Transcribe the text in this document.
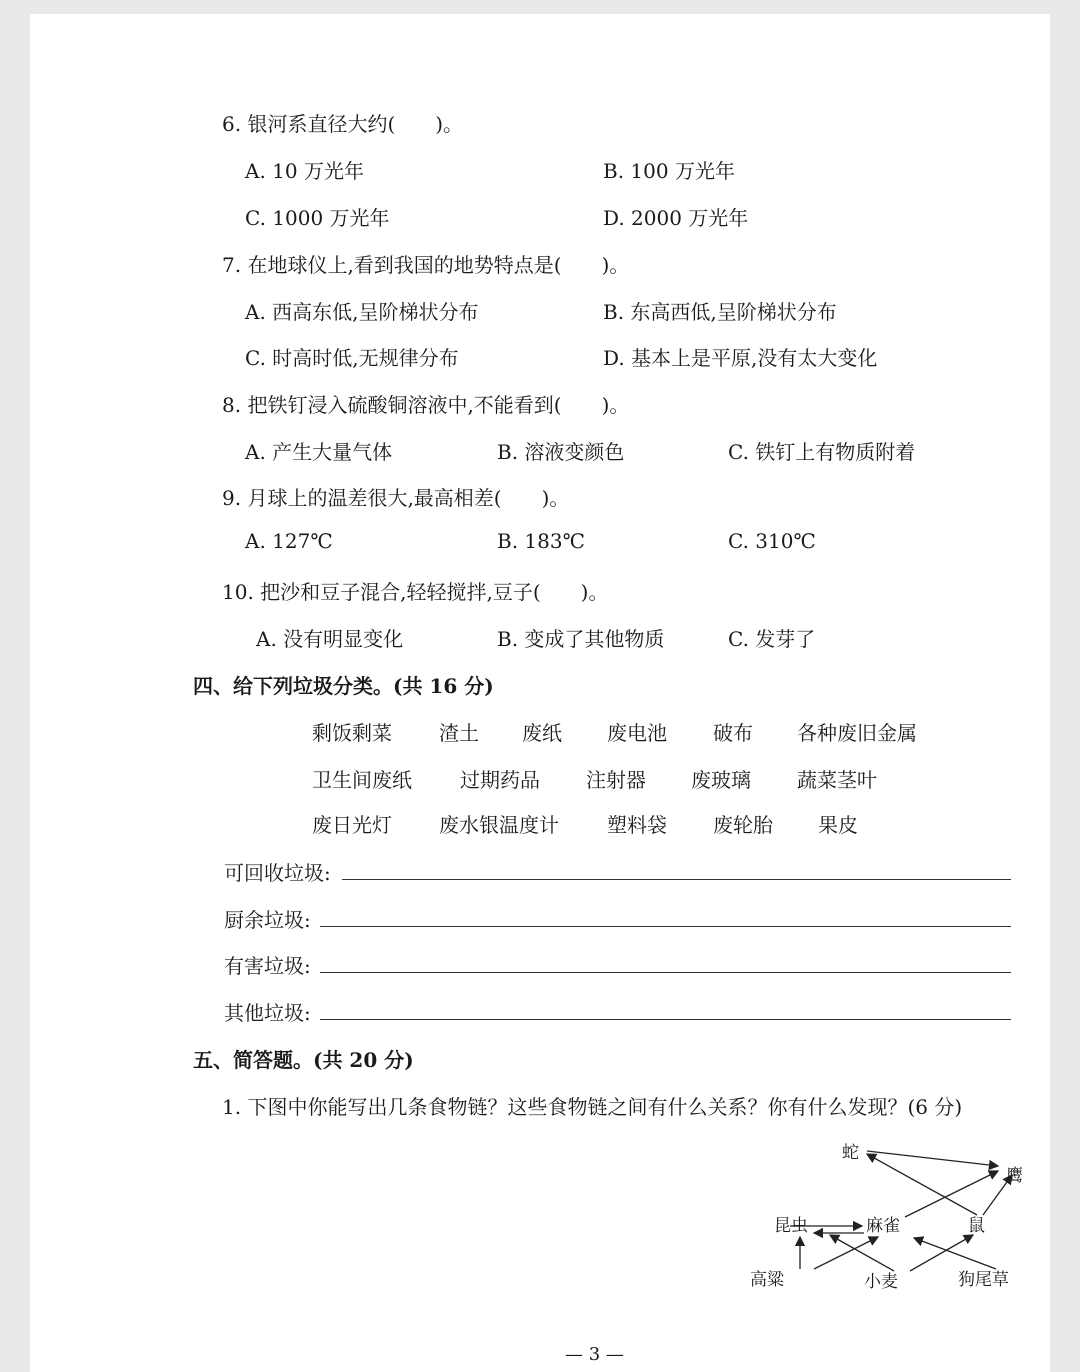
6. 银河系直径大约(　　)。
A. 10 万光年	B. 100 万光年
C. 1000 万光年	D. 2000 万光年
7. 在地球仪上,看到我国的地势特点是(　　)。
A. 西高东低,呈阶梯状分布	B. 东高西低,呈阶梯状分布
C. 时高时低,无规律分布	D. 基本上是平原,没有太大变化
8. 把铁钉浸入硫酸铜溶液中,不能看到(　　)。
A. 产生大量气体	B. 溶液变颜色	C. 铁钉上有物质附着
9. 月球上的温差很大,最高相差(　　)。
A. 127℃	B. 183℃	C. 310℃
10. 把沙和豆子混合,轻轻搅拌,豆子(　　)。
A. 没有明显变化	B. 变成了其他物质	C. 发芽了
四、给下列垃圾分类。(共 16 分)
剩饭剩菜 渣土 废纸 废电池 破布 各种废旧金属
卫生间废纸 过期药品 注射器 废玻璃 蔬菜茎叶
废日光灯 废水银温度计 塑料袋 废轮胎 果皮
可回收垃圾:
厨余垃圾:
有害垃圾:
其他垃圾:
五、简答题。(共 20 分)
1. 下图中你能写出几条食物链？这些食物链之间有什么关系？你有什么发现？(6 分)
蛇
鹰
昆虫	麻雀	鼠
高粱	小麦	狗尾草
— 3 —
